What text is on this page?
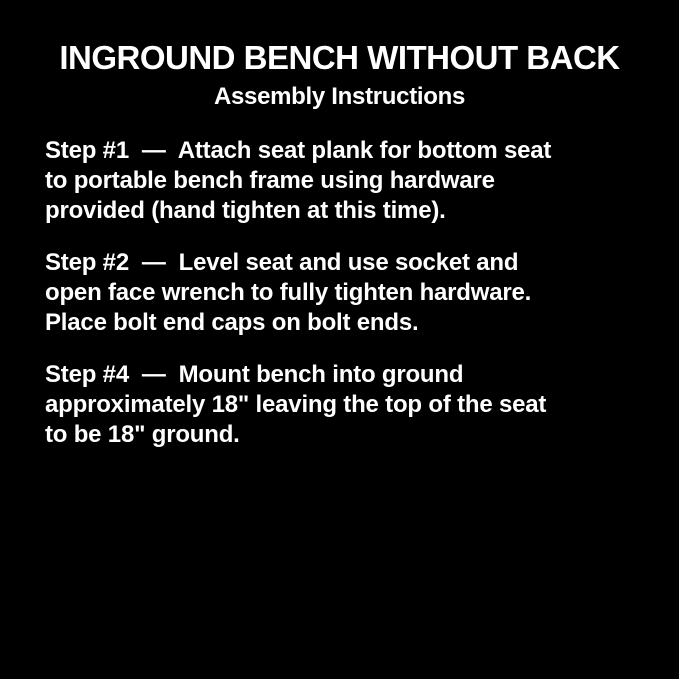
INGROUND BENCH WITHOUT BACK
Assembly Instructions
Step #1  —  Attach seat plank for bottom seat
to portable bench frame using hardware
provided (hand tighten at this time).
Step #2  —  Level seat and use socket and
open face wrench to fully tighten hardware.
Place bolt end caps on bolt ends.
Step #4  —  Mount bench into ground
approximately 18" leaving the top of the seat
to be 18" ground.
